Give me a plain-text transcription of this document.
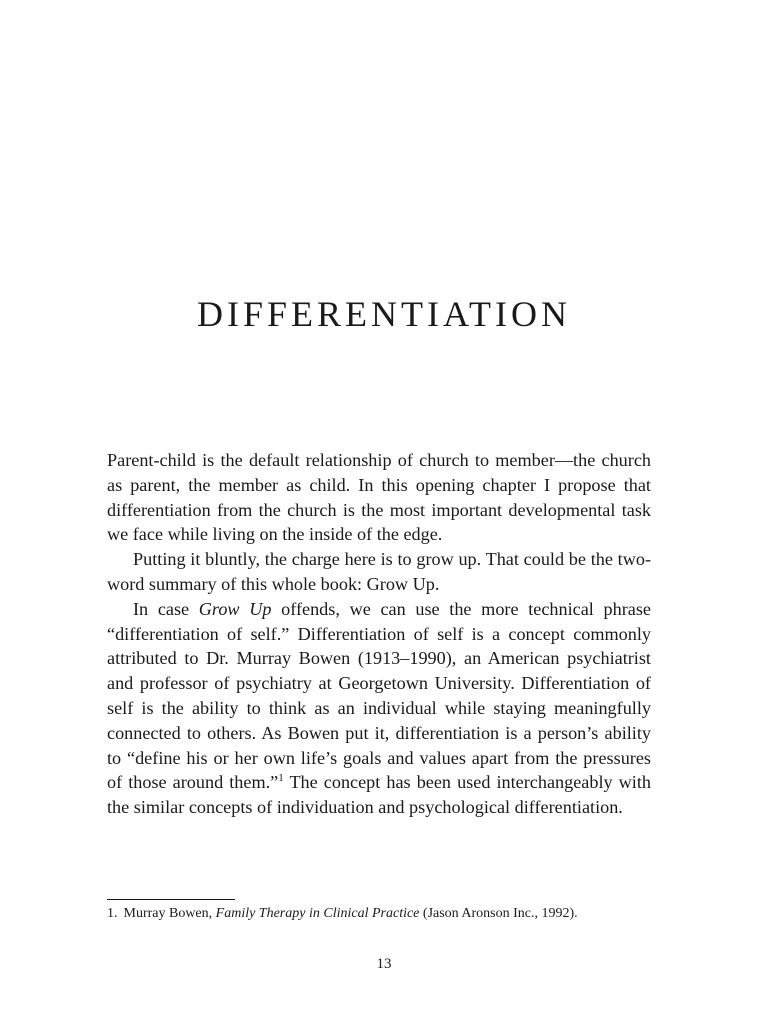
DIFFERENTIATION

Parent-child is the default relationship of church to member—the church as parent, the member as child. In this opening chapter I propose that differentiation from the church is the most important developmental task we face while living on the inside of the edge.

Putting it bluntly, the charge here is to grow up. That could be the two-word summary of this whole book: Grow Up.

In case Grow Up offends, we can use the more technical phrase “differentiation of self.” Differentiation of self is a concept commonly attributed to Dr. Murray Bowen (1913–1990), an American psychiatrist and professor of psychiatry at Georgetown University. Differentiation of self is the ability to think as an individual while staying meaningfully connected to others. As Bowen put it, differentiation is a person’s ability to “define his or her own life’s goals and values apart from the pressures of those around them.”$^1$ The concept has been used interchangeably with the similar concepts of individuation and psychological differentiation.

1. Murray Bowen, Family Therapy in Clinical Practice (Jason Aronson Inc., 1992).
13
